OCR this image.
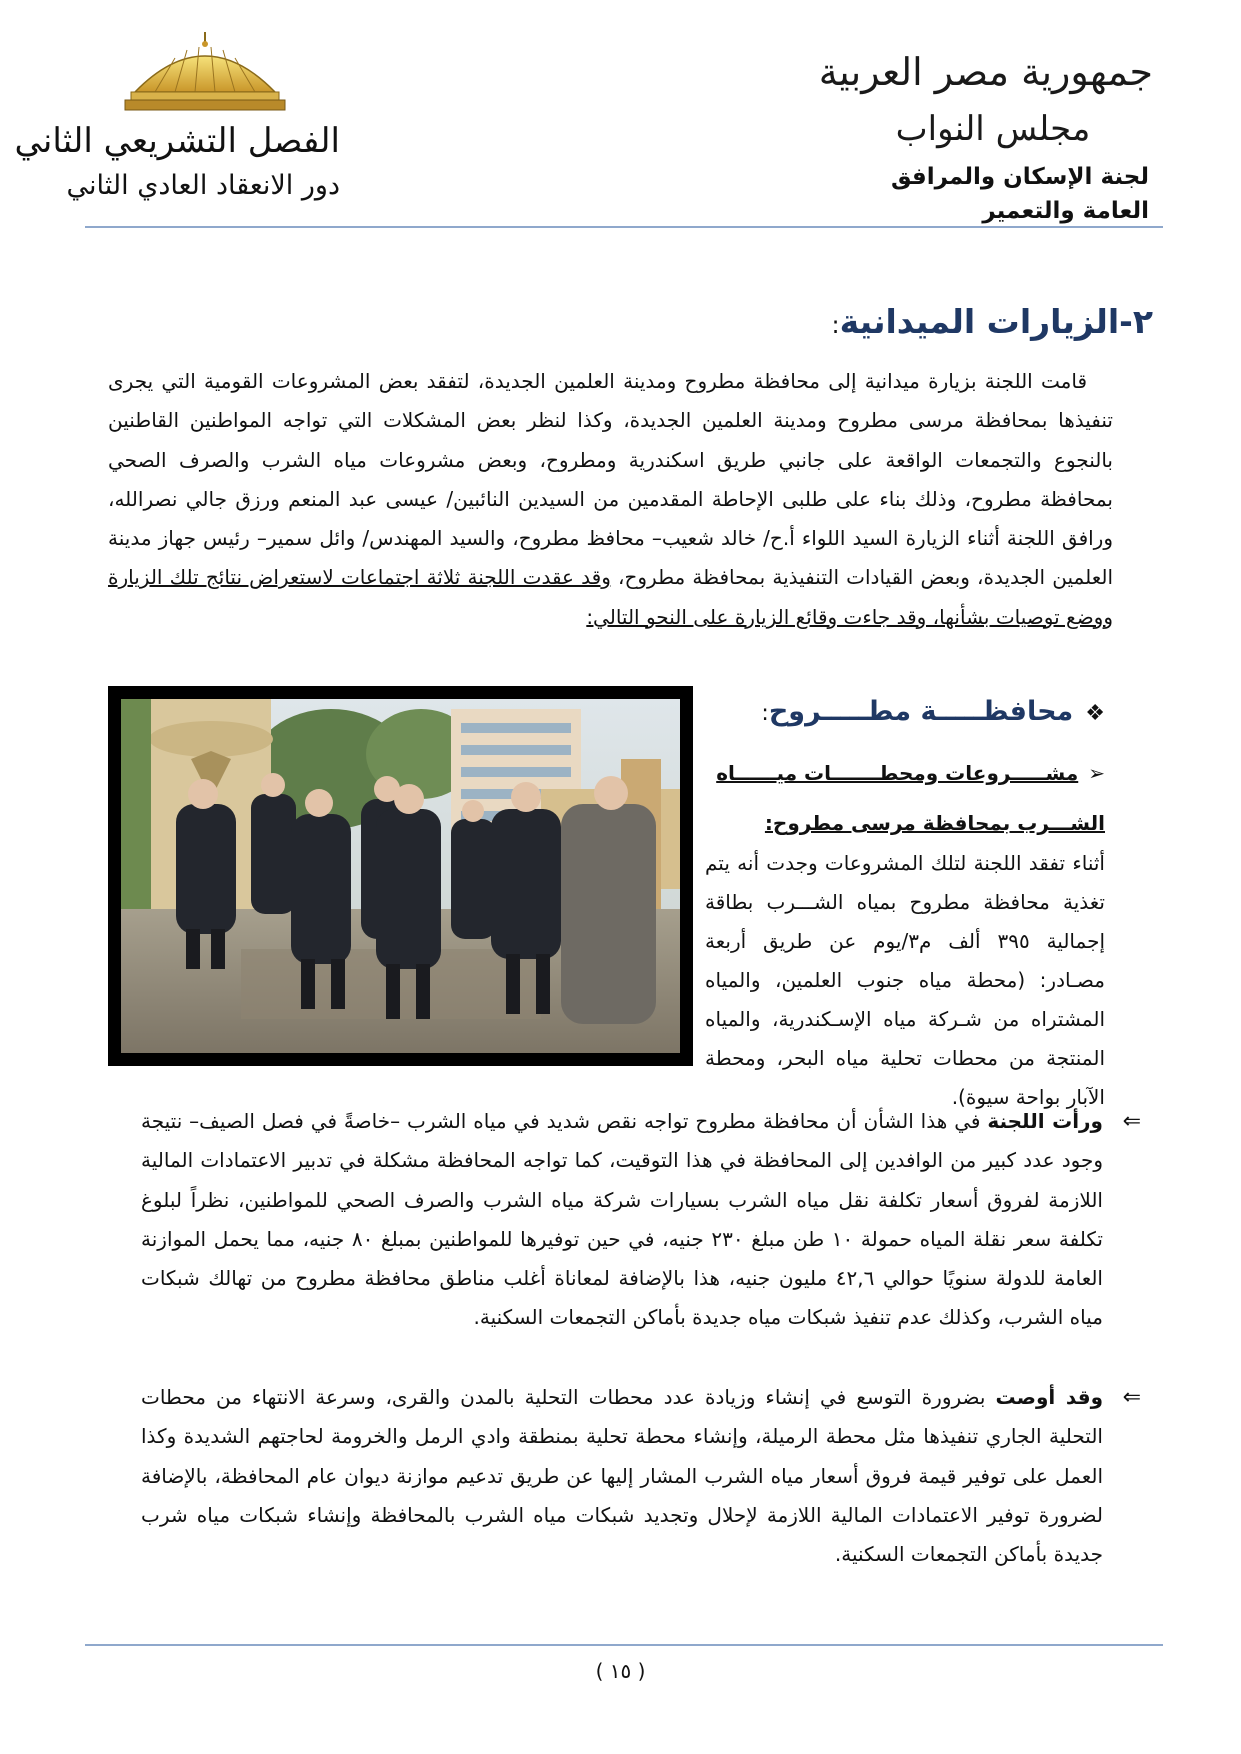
جمهورية مصر العربية
مجلس النواب
لجنة الإسكان والمرافق العامة والتعمير
الفصل التشريعي الثاني
دور الانعقاد العادي الثاني
٢-الزيارات الميدانية:
قامت اللجنة بزيارة ميدانية إلى محافظة مطروح ومدينة العلمين الجديدة، لتفقد بعض المشروعات القومية التي يجرى تنفيذها بمحافظة مرسى مطروح ومدينة العلمين الجديدة، وكذا لنظر بعض المشكلات التي تواجه المواطنين القاطنين بالنجوع والتجمعات الواقعة على جانبي طريق اسكندرية ومطروح، وبعض مشروعات مياه الشرب والصرف الصحي بمحافظة مطروح، وذلك بناء على طلبى الإحاطة المقدمين من السيدين النائبين/ عيسى عبد المنعم ورزق جالي نصرالله، ورافق اللجنة أثناء الزيارة السيد اللواء أ.ح/ خالد شعيب– محافظ مطروح، والسيد المهندس/ وائل سمير– رئيس جهاز مدينة العلمين الجديدة، وبعض القيادات التنفيذية بمحافظة مطروح، وقد عقدت اللجنة ثلاثة اجتماعات لاستعراض نتائج تلك الزيارة ووضع توصيات بشأنها، وقد جاءت وقائع الزيارة على النحو التالي:
❖محافظـــــة مطـــــروح:
➢مشـــــروعات ومحطـــــــات ميــــــاه الشـــرب بمحافظة مرسى مطروح:
أثناء تفقد اللجنة لتلك المشروعات وجدت أنه يتم تغذية محافظة مطروح بمياه الشـــرب بطاقة إجمالية ٣٩٥ ألف م٣/يوم عن طريق أربعة مصـادر: (محطة مياه جنوب العلمين، والمياه المشتراه من شـركة مياه الإسـكندرية، والمياه المنتجة من محطات تحلية مياه البحر، ومحطة الآبار بواحة سيوة).
⇐
ورأت اللجنة في هذا الشأن أن محافظة مطروح تواجه نقص شديد في مياه الشرب –خاصةً في فصل الصيف– نتيجة وجود عدد كبير من الوافدين إلى المحافظة في هذا التوقيت، كما تواجه المحافظة مشكلة في تدبير الاعتمادات المالية اللازمة لفروق أسعار تكلفة نقل مياه الشرب بسيارات شركة مياه الشرب والصرف الصحي للمواطنين، نظراً لبلوغ تكلفة سعر نقلة المياه حمولة ١٠ طن مبلغ ٢٣٠ جنيه، في حين توفيرها للمواطنين بمبلغ ٨٠ جنيه، مما يحمل الموازنة العامة للدولة سنويًا حوالي ٤٢,٦ مليون جنيه، هذا بالإضافة لمعاناة أغلب مناطق محافظة مطروح من تهالك شبكات مياه الشرب، وكذلك عدم تنفيذ شبكات مياه جديدة بأماكن التجمعات السكنية.
⇐
وقد أوصت بضرورة التوسع في إنشاء وزيادة عدد محطات التحلية بالمدن والقرى، وسرعة الانتهاء من محطات التحلية الجاري تنفيذها مثل محطة الرميلة، وإنشاء محطة تحلية بمنطقة وادي الرمل والخرومة لحاجتهم الشديدة وكذا العمل على توفير قيمة فروق أسعار مياه الشرب المشار إليها عن طريق تدعيم موازنة ديوان عام المحافظة، بالإضافة لضرورة توفير الاعتمادات المالية اللازمة لإحلال وتجديد شبكات مياه الشرب بالمحافظة وإنشاء شبكات مياه شرب جديدة بأماكن التجمعات السكنية.
( ١٥ )
